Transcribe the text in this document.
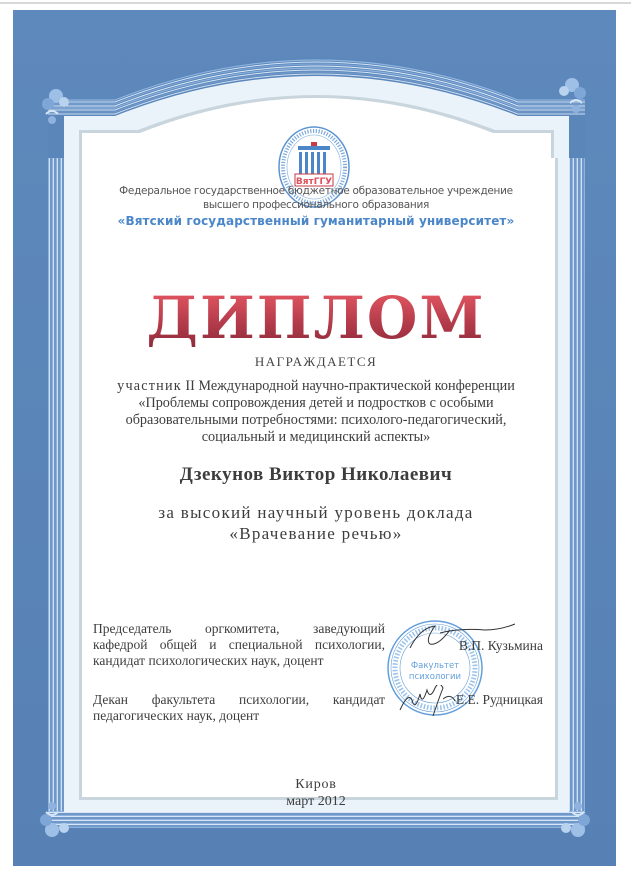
ВятГГУ
Федеральное государственное бюджетное образовательное учреждение
высшего профессионального образования
«Вятский государственный гуманитарный университет»
ДИПЛОМ
НАГРАЖДАЕТСЯ
участник II Международной научно-практической конференции
«Проблемы сопровождения детей и подростков с особыми
образовательными потребностями: психолого-педагогический,
социальный и медицинский аспекты»
Дзекунов Виктор Николаевич
за высокий научный уровень доклада
«Врачевание речью»
Факультет
психологии
Председатель оргкомитета, заведующий
кафедрой общей и специальной психологии,
кандидат психологических наук, доцент
В.П. Кузьмина
Декан факультета психологии, кандидат
педагогических наук, доцент
Е.Е. Рудницкая
Киров
март 2012
